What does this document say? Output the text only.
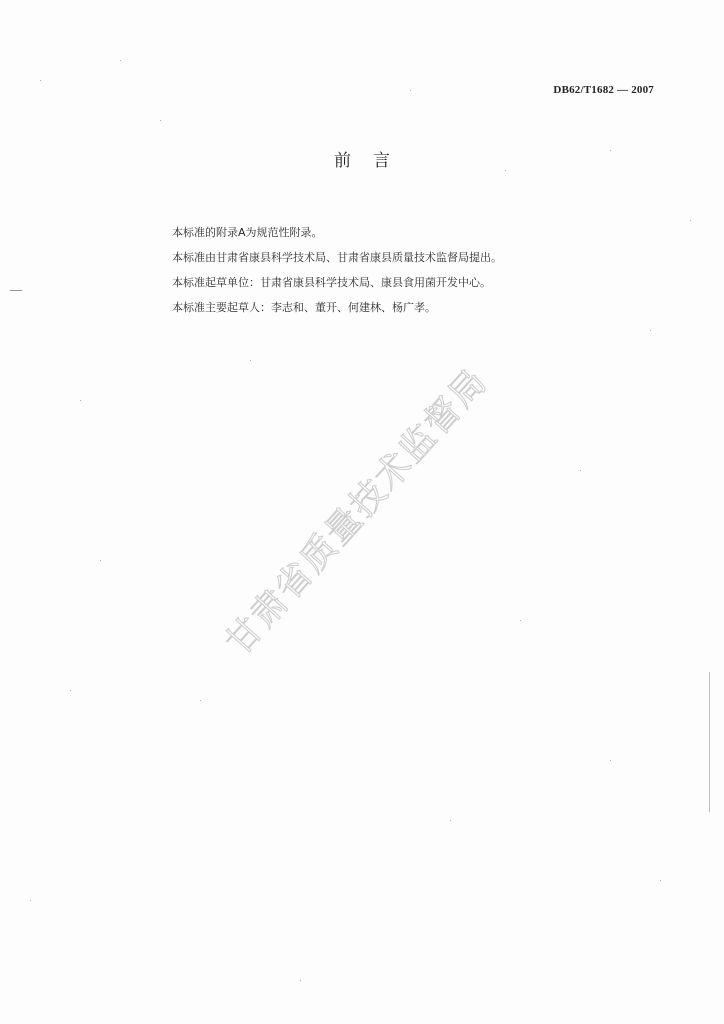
DB62/T1682 — 2007
前言

本标准的附录A为规范性附录。

本标准由甘肃省康县科学技术局、甘肃省康县质量技术监督局提出。

本标准起草单位：甘肃省康县科学技术局、康县食用菌开发中心。

本标准主要起草人：李志和、董开、何建林、杨广孝。

甘肃省质量技术监督局
